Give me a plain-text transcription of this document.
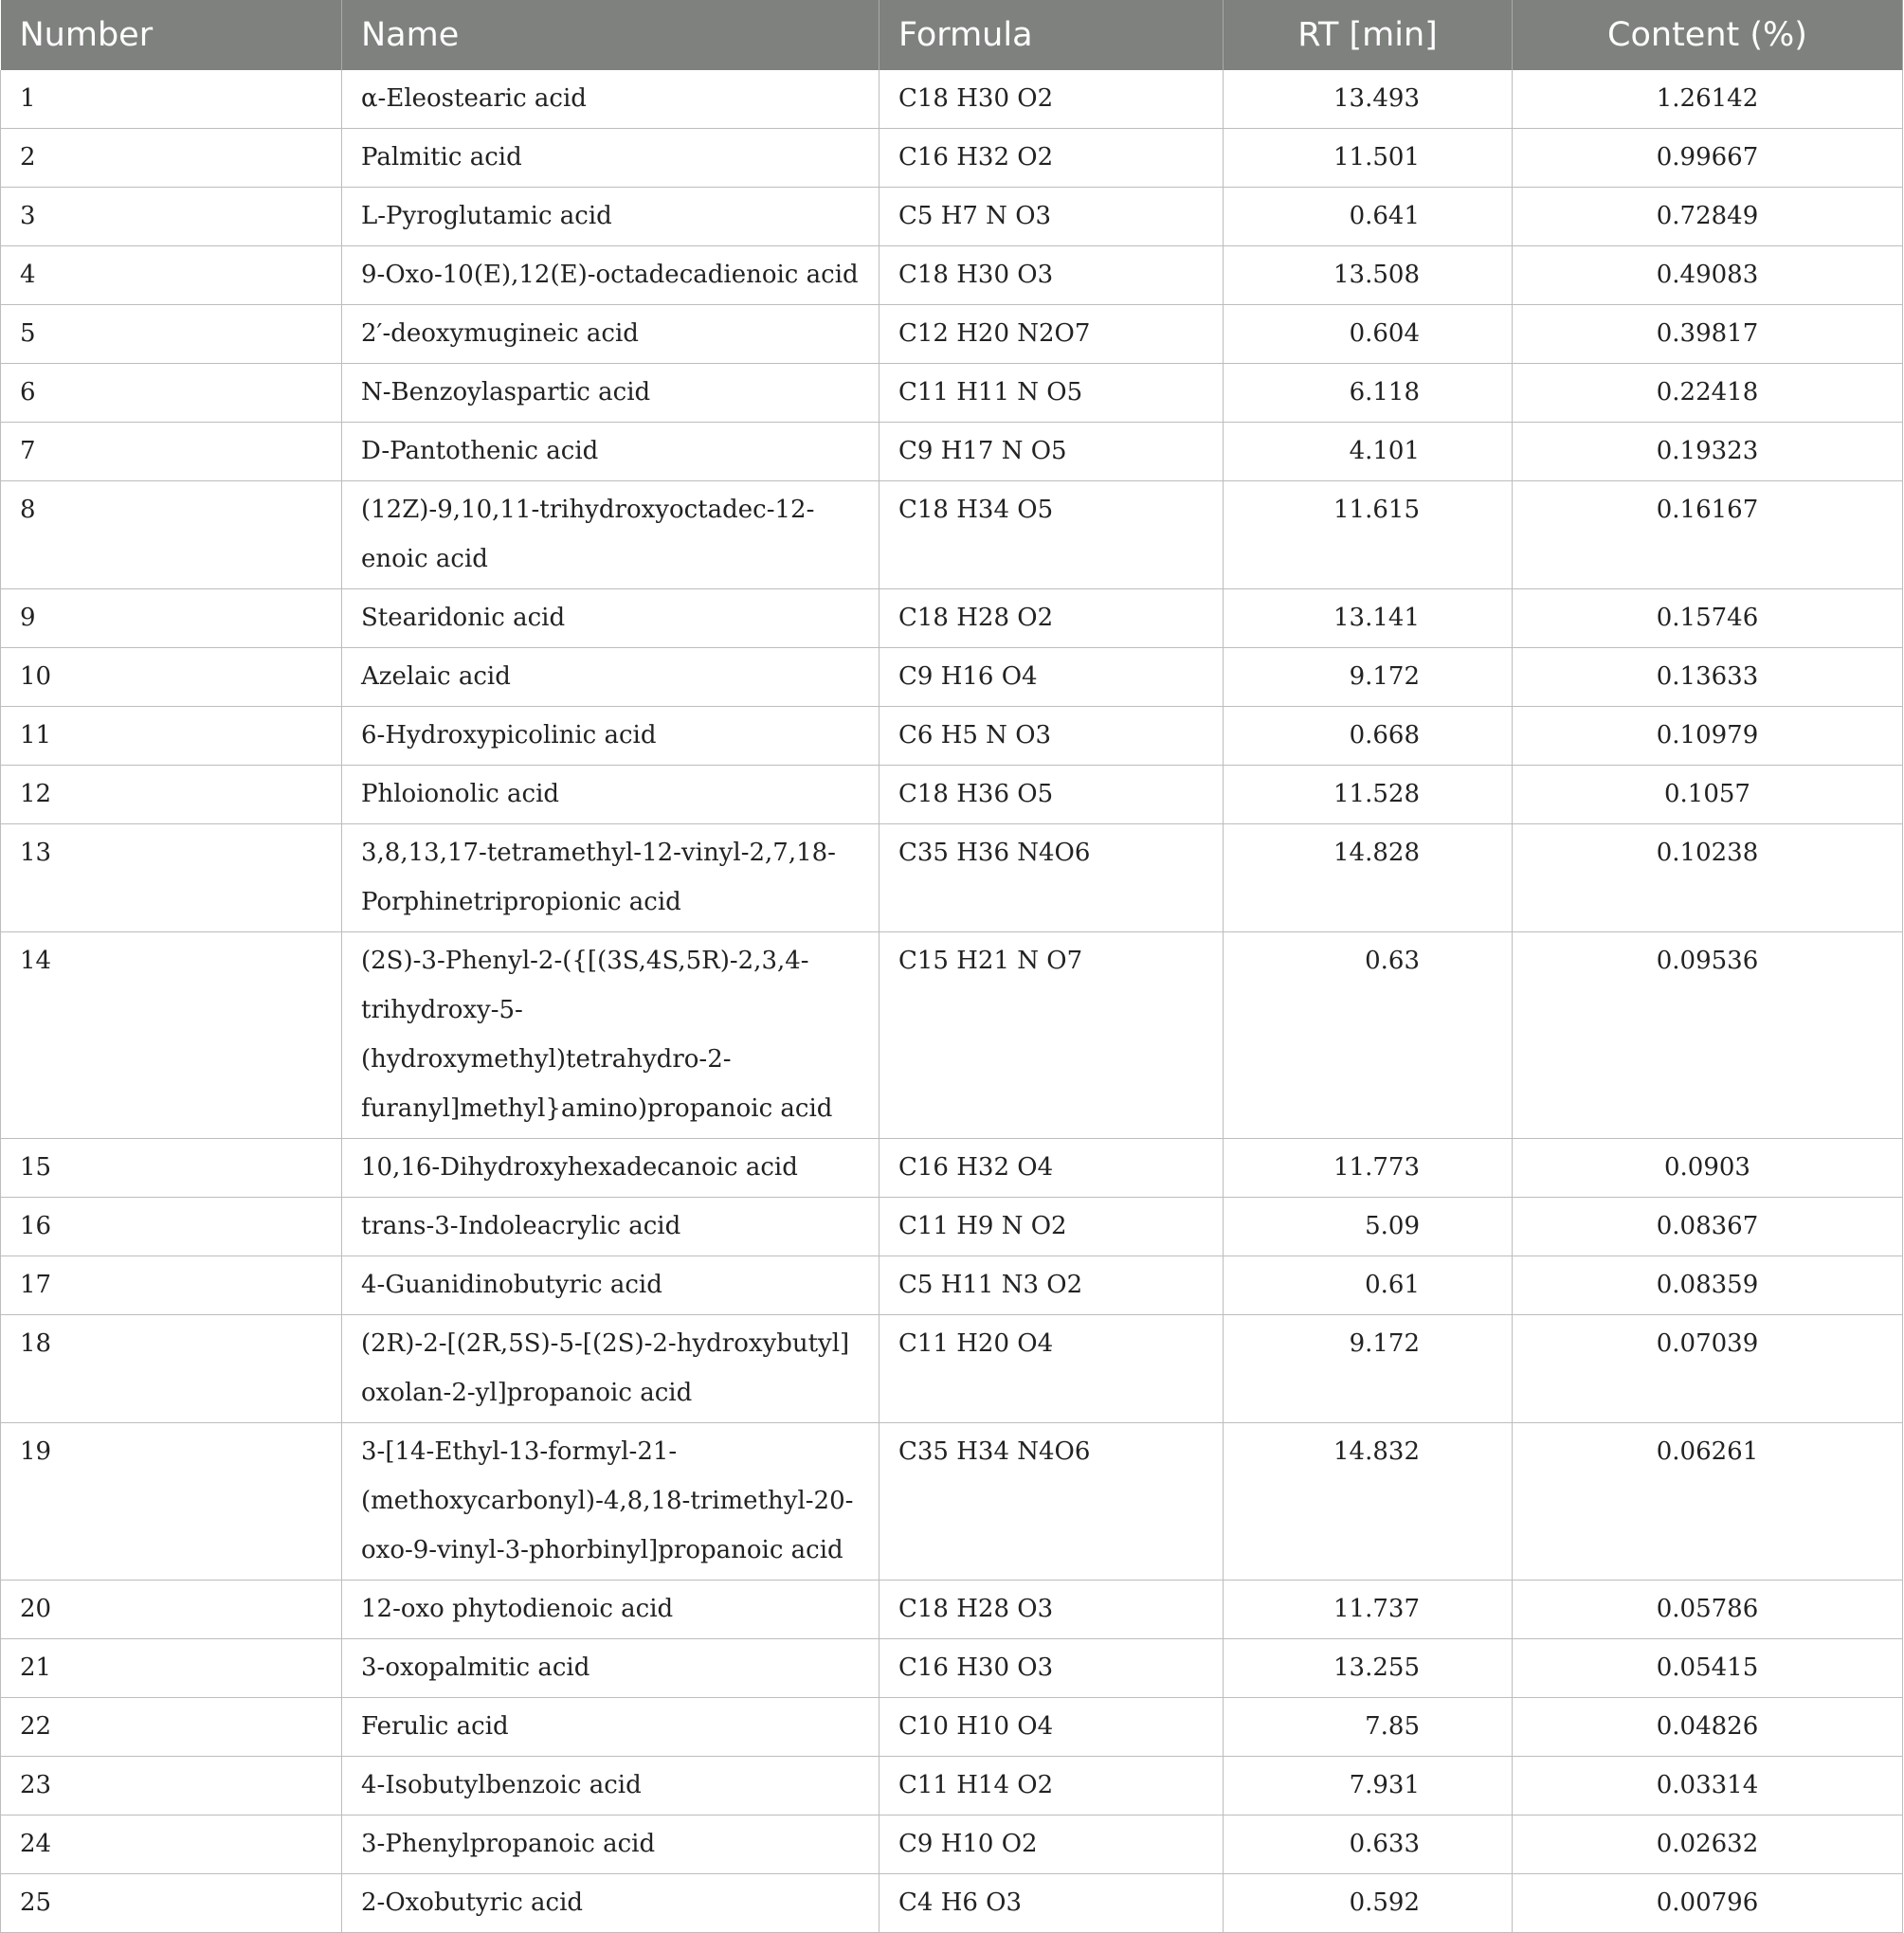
Number	Name	Formula	RT [min]	Content (%)
1	α-Eleostearic acid	C18 H30 O2	13.493	1.26142
2	Palmitic acid	C16 H32 O2	11.501	0.99667
3	L-Pyroglutamic acid	C5 H7 N O3	0.641	0.72849
4	9-Oxo-10(E),12(E)-octadecadienoic acid	C18 H30 O3	13.508	0.49083
5	2′-deoxymugineic acid	C12 H20 N2O7	0.604	0.39817
6	N-Benzoylaspartic acid	C11 H11 N O5	6.118	0.22418
7	D-Pantothenic acid	C9 H17 N O5	4.101	0.19323
8	(12Z)-9,10,11-trihydroxyoctadec-12-enoic acid	C18 H34 O5	11.615	0.16167
9	Stearidonic acid	C18 H28 O2	13.141	0.15746
10	Azelaic acid	C9 H16 O4	9.172	0.13633
11	6-Hydroxypicolinic acid	C6 H5 N O3	0.668	0.10979
12	Phloionolic acid	C18 H36 O5	11.528	0.1057
13	3,8,13,17-tetramethyl-12-vinyl-2,7,18-Porphinetripropionic acid	C35 H36 N4O6	14.828	0.10238
14	(2S)-3-Phenyl-2-({[(3S,4S,5R)-2,3,4-trihydroxy-5-(hydroxymethyl)tetrahydro-2-furanyl]methyl}amino)propanoic acid	C15 H21 N O7	0.63	0.09536
15	10,16-Dihydroxyhexadecanoic acid	C16 H32 O4	11.773	0.0903
16	trans-3-Indoleacrylic acid	C11 H9 N O2	5.09	0.08367
17	4-Guanidinobutyric acid	C5 H11 N3 O2	0.61	0.08359
18	(2R)-2-[(2R,5S)-5-[(2S)-2-hydroxybutyl] oxolan-2-yl]propanoic acid	C11 H20 O4	9.172	0.07039
19	3-[14-Ethyl-13-formyl-21-(methoxycarbonyl)-4,8,18-trimethyl-20-oxo-9-vinyl-3-phorbinyl]propanoic acid	C35 H34 N4O6	14.832	0.06261
20	12-oxo phytodienoic acid	C18 H28 O3	11.737	0.05786
21	3-oxopalmitic acid	C16 H30 O3	13.255	0.05415
22	Ferulic acid	C10 H10 O4	7.85	0.04826
23	4-Isobutylbenzoic acid	C11 H14 O2	7.931	0.03314
24	3-Phenylpropanoic acid	C9 H10 O2	0.633	0.02632
25	2-Oxobutyric acid	C4 H6 O3	0.592	0.00796
